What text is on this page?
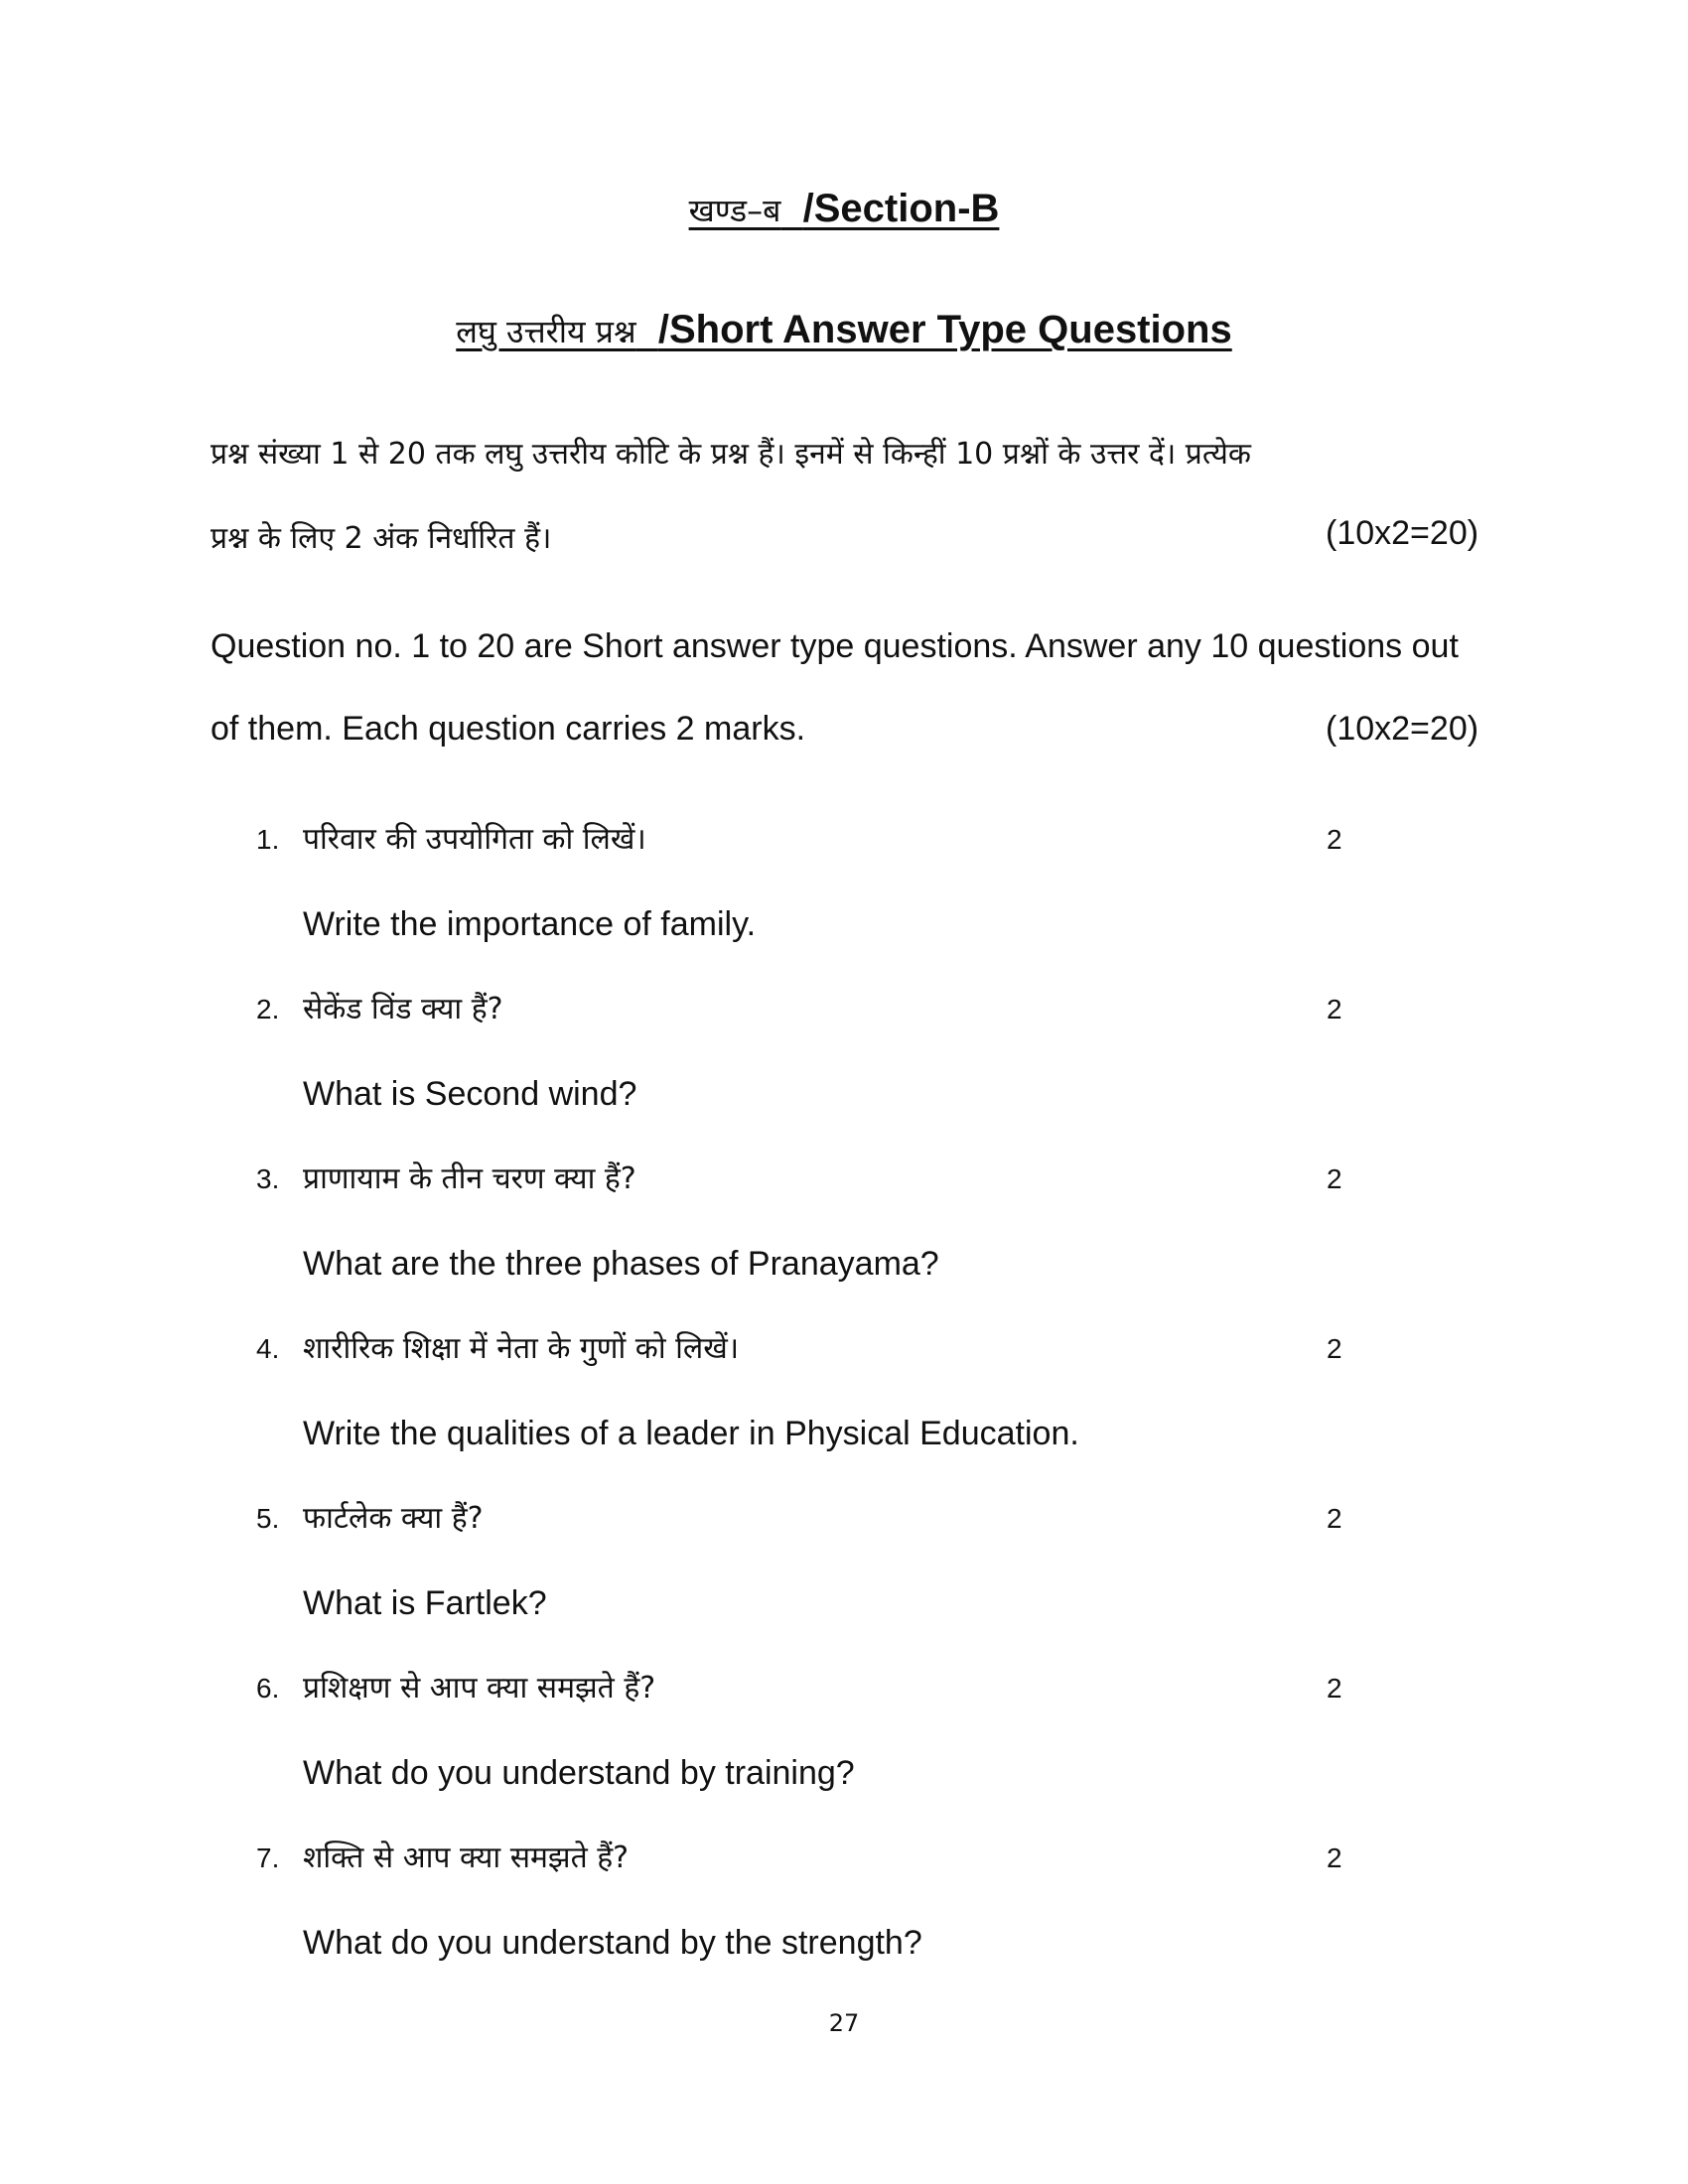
खण्ड–ब /Section-B
लघु उत्तरीय प्रश्न /Short Answer Type Questions
प्रश्न संख्या 1 से 20 तक लघु उत्तरीय कोटि के प्रश्न हैं। इनमें से किन्हीं 10 प्रश्नों के उत्तर दें। प्रत्येक
प्रश्न के लिए 2 अंक निर्धारित हैं।	(10x2=20)
Question no. 1 to 20 are Short answer type questions. Answer any 10 questions out
of them. Each question carries 2 marks.	(10x2=20)
1. परिवार की उपयोगिता को लिखें।	2
Write the importance of family.
2. सेकेंड विंड क्या हैं?	2
What is Second wind?
3. प्राणायाम के तीन चरण क्या हैं?	2
What are the three phases of Pranayama?
4. शारीरिक शिक्षा में नेता के गुणों को लिखें।	2
Write the qualities of a leader in Physical Education.
5. फार्टलेक क्या हैं?	2
What is Fartlek?
6. प्रशिक्षण से आप क्या समझते हैं?	2
What do you understand by training?
7. शक्ति से आप क्या समझते हैं?	2
What do you understand by the strength?
27
